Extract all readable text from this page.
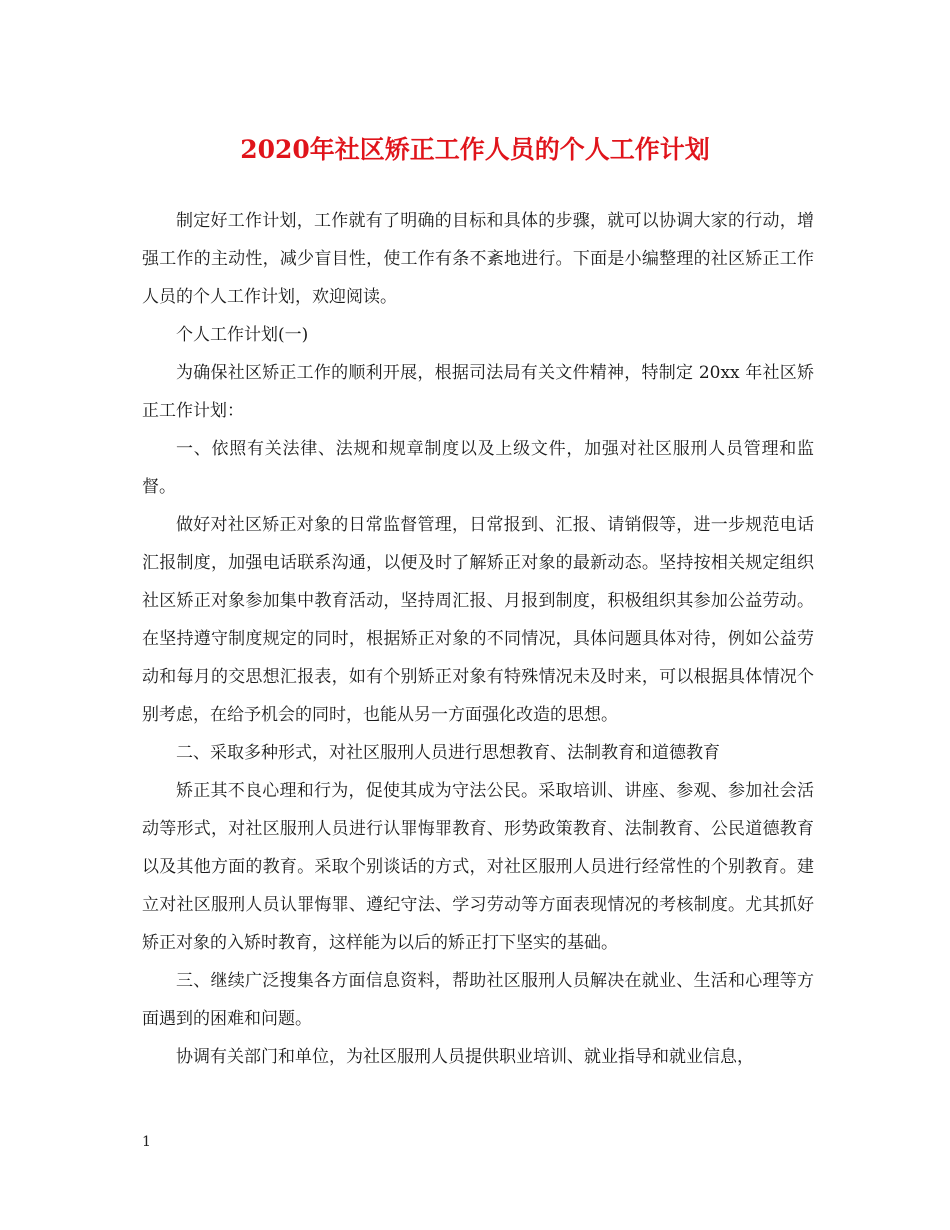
2020年社区矫正工作人员的个人工作计划

制定好工作计划，工作就有了明确的目标和具体的步骤，就可以协调大家的行动，增强工作的主动性，减少盲目性，使工作有条不紊地进行。下面是小编整理的社区矫正工作人员的个人工作计划，欢迎阅读。

个人工作计划(一)

为确保社区矫正工作的顺利开展，根据司法局有关文件精神，特制定 20xx 年社区矫正工作计划：

一、依照有关法律、法规和规章制度以及上级文件，加强对社区服刑人员管理和监督。

做好对社区矫正对象的日常监督管理，日常报到、汇报、请销假等，进一步规范电话汇报制度，加强电话联系沟通，以便及时了解矫正对象的最新动态。坚持按相关规定组织社区矫正对象参加集中教育活动，坚持周汇报、月报到制度，积极组织其参加公益劳动。在坚持遵守制度规定的同时，根据矫正对象的不同情况，具体问题具体对待，例如公益劳动和每月的交思想汇报表，如有个别矫正对象有特殊情况未及时来，可以根据具体情况个别考虑，在给予机会的同时，也能从另一方面强化改造的思想。

二、采取多种形式，对社区服刑人员进行思想教育、法制教育和道德教育

矫正其不良心理和行为，促使其成为守法公民。采取培训、讲座、参观、参加社会活动等形式，对社区服刑人员进行认罪悔罪教育、形势政策教育、法制教育、公民道德教育以及其他方面的教育。采取个别谈话的方式，对社区服刑人员进行经常性的个别教育。建立对社区服刑人员认罪悔罪、遵纪守法、学习劳动等方面表现情况的考核制度。尤其抓好矫正对象的入矫时教育，这样能为以后的矫正打下坚实的基础。

三、继续广泛搜集各方面信息资料，帮助社区服刑人员解决在就业、生活和心理等方面遇到的困难和问题。

协调有关部门和单位，为社区服刑人员提供职业培训、就业指导和就业信息，

1
